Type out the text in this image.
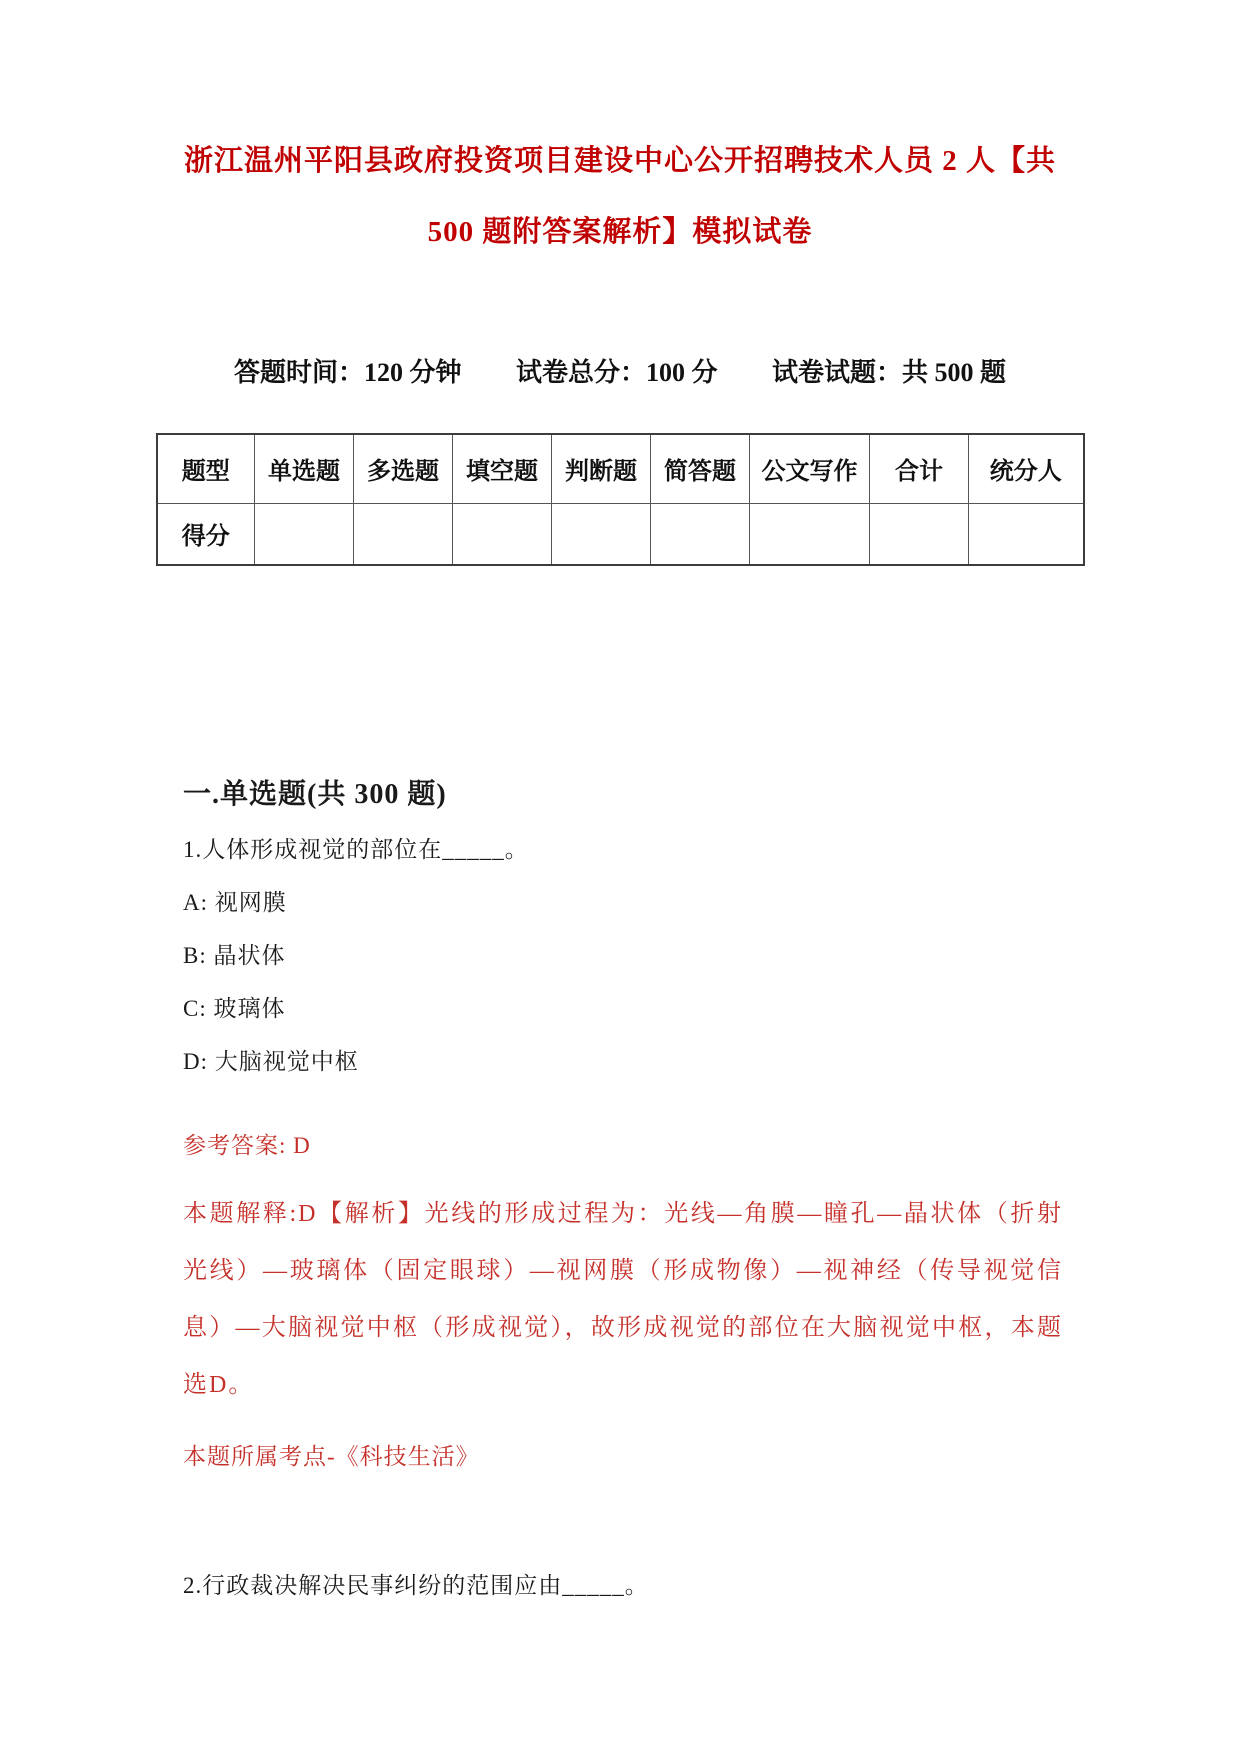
浙江温州平阳县政府投资项目建设中心公开招聘技术人员 2 人【共
500 题附答案解析】模拟试卷
答题时间：120 分钟 试卷总分：100 分 试卷试题：共 500 题
题型	单选题	多选题	填空题	判断题	简答题	公文写作	合计	统分人
得分								
一.单选题(共 300 题)

1.人体形成视觉的部位在_____。

A: 视网膜

B: 晶状体

C: 玻璃体

D: 大脑视觉中枢

参考答案: D

本题解释:D【解析】光线的形成过程为：光线—角膜—瞳孔—晶状体（折射光线）—玻璃体（固定眼球）—视网膜（形成物像）—视神经（传导视觉信息）—大脑视觉中枢（形成视觉），故形成视觉的部位在大脑视觉中枢，本题选D。

本题所属考点-《科技生活》

2.行政裁决解决民事纠纷的范围应由_____。
